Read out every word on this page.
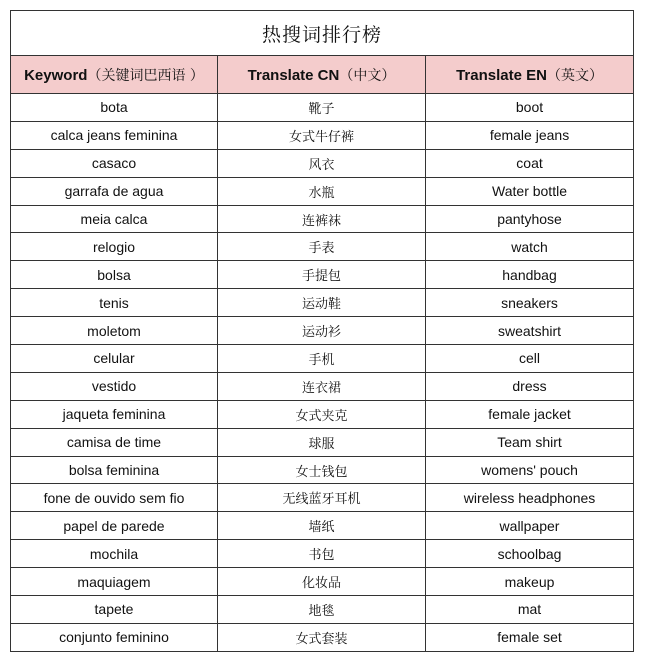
热搜词排行榜		
Keyword（关键词巴西语 ）	Translate CN（中文）	Translate EN（英文）
bota	靴子	boot
calca jeans feminina	女式牛仔裤	female jeans
casaco	风衣	coat
garrafa de agua	水瓶	Water bottle
meia calca	连裤袜	pantyhose
relogio	手表	watch
bolsa	手提包	handbag
tenis	运动鞋	sneakers
moletom	运动衫	sweatshirt
celular	手机	cell
vestido	连衣裙	dress
jaqueta feminina	女式夹克	female jacket
camisa de time	球服	Team shirt
bolsa feminina	女士钱包	womens' pouch
fone de ouvido sem fio	无线蓝牙耳机	wireless headphones
papel de parede	墙纸	wallpaper
mochila	书包	schoolbag
maquiagem	化妆品	makeup
tapete	地毯	mat
conjunto feminino	女式套装	female set
